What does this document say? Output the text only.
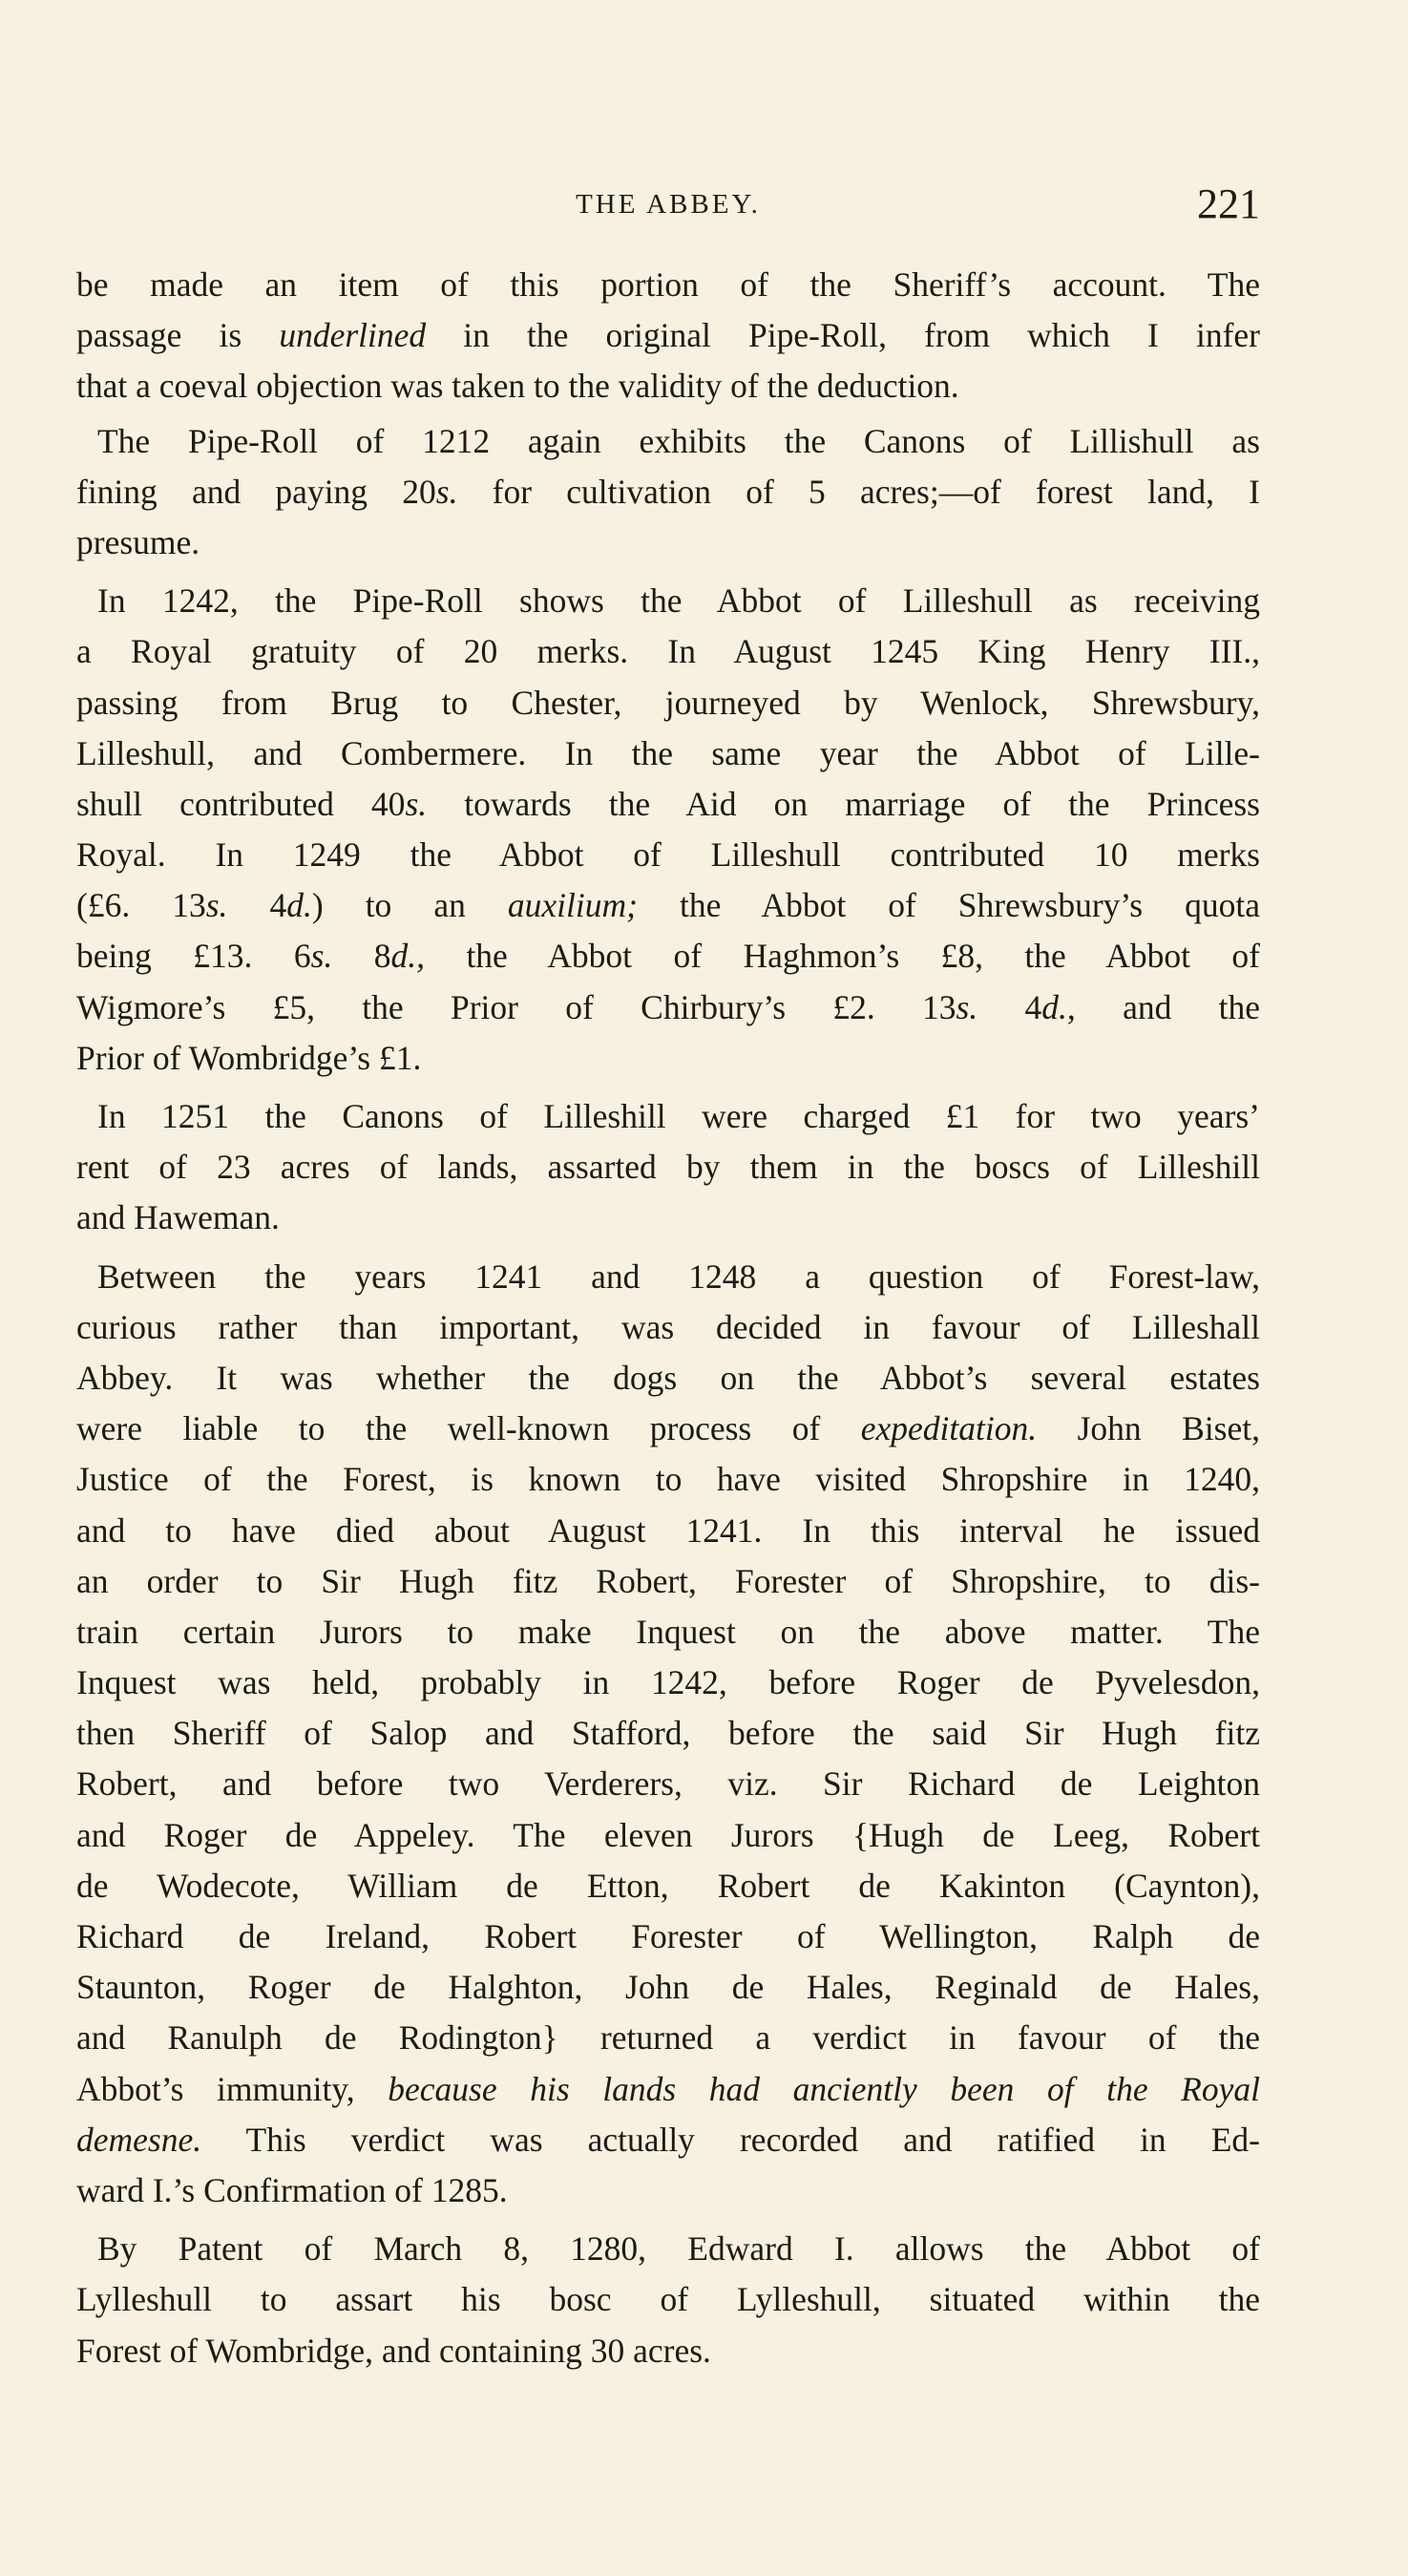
THE ABBEY.	221
be made an item of this portion of the Sheriff’s account. The
passage is underlined in the original Pipe-Roll, from which I infer
that a coeval objection was taken to the validity of the deduction.
The Pipe-Roll of 1212 again exhibits the Canons of Lillishull as
fining and paying 20s. for cultivation of 5 acres;—of forest land, I
presume.
In 1242, the Pipe-Roll shows the Abbot of Lilleshull as receiving
a Royal gratuity of 20 merks. In August 1245 King Henry III.,
passing from Brug to Chester, journeyed by Wenlock, Shrewsbury,
Lilleshull, and Combermere. In the same year the Abbot of Lille-
shull contributed 40s. towards the Aid on marriage of the Princess
Royal. In 1249 the Abbot of Lilleshull contributed 10 merks
(£6. 13s. 4d.) to an auxilium; the Abbot of Shrewsbury’s quota
being £13. 6s. 8d., the Abbot of Haghmon’s £8, the Abbot of
Wigmore’s £5, the Prior of Chirbury’s £2. 13s. 4d., and the
Prior of Wombridge’s £1.
In 1251 the Canons of Lilleshill were charged £1 for two years’
rent of 23 acres of lands, assarted by them in the boscs of Lilleshill
and Haweman.
Between the years 1241 and 1248 a question of Forest-law,
curious rather than important, was decided in favour of Lilleshall
Abbey. It was whether the dogs on the Abbot’s several estates
were liable to the well-known process of expeditation. John Biset,
Justice of the Forest, is known to have visited Shropshire in 1240,
and to have died about August 1241. In this interval he issued
an order to Sir Hugh fitz Robert, Forester of Shropshire, to dis-
train certain Jurors to make Inquest on the above matter. The
Inquest was held, probably in 1242, before Roger de Pyvelesdon,
then Sheriff of Salop and Stafford, before the said Sir Hugh fitz
Robert, and before two Verderers, viz. Sir Richard de Leighton
and Roger de Appeley. The eleven Jurors {Hugh de Leeg, Robert
de Wodecote, William de Etton, Robert de Kakinton (Caynton),
Richard de Ireland, Robert Forester of Wellington, Ralph de
Staunton, Roger de Halghton, John de Hales, Reginald de Hales,
and Ranulph de Rodington} returned a verdict in favour of the
Abbot’s immunity, because his lands had anciently been of the Royal
demesne. This verdict was actually recorded and ratified in Ed-
ward I.’s Confirmation of 1285.
By Patent of March 8, 1280, Edward I. allows the Abbot of
Lylleshull to assart his bosc of Lylleshull, situated within the
Forest of Wombridge, and containing 30 acres.
